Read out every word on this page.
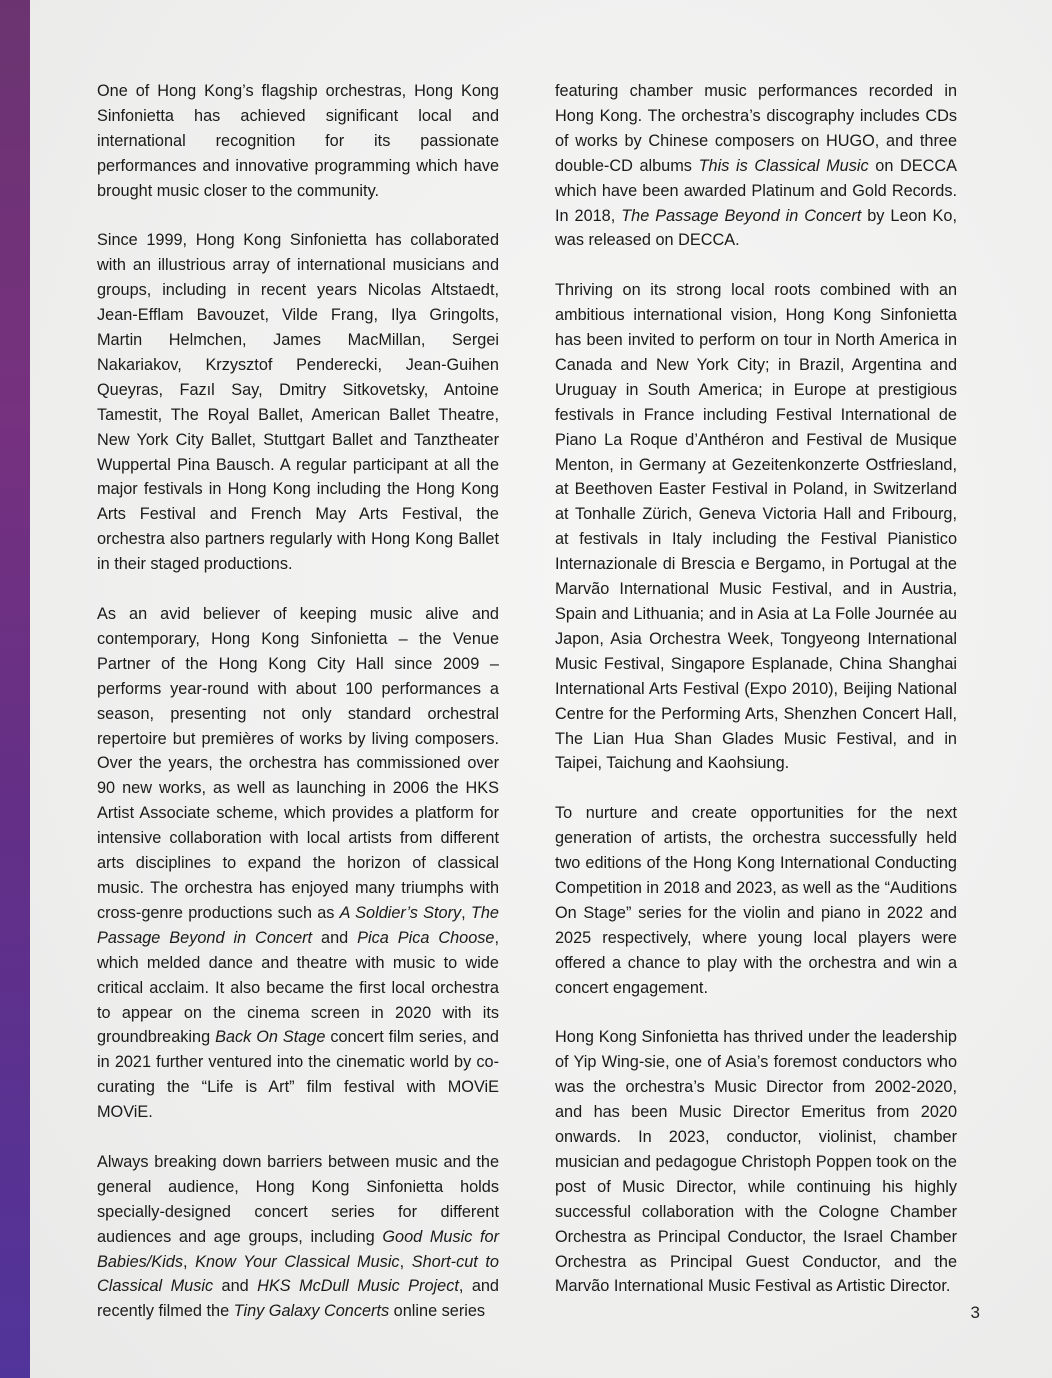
One of Hong Kong’s flagship orchestras, Hong Kong Sinfonietta has achieved significant local and international recognition for its passionate performances and innovative programming which have brought music closer to the community.

Since 1999, Hong Kong Sinfonietta has collaborated with an illustrious array of international musicians and groups, including in recent years Nicolas Altstaedt, Jean-Efflam Bavouzet, Vilde Frang, Ilya Gringolts, Martin Helmchen, James MacMillan, Sergei Nakariakov, Krzysztof Penderecki, Jean-Guihen Queyras, Fazıl Say, Dmitry Sitkovetsky, Antoine Tamestit, The Royal Ballet, American Ballet Theatre, New York City Ballet, Stuttgart Ballet and Tanztheater Wuppertal Pina Bausch. A regular participant at all the major festivals in Hong Kong including the Hong Kong Arts Festival and French May Arts Festival, the orchestra also partners regularly with Hong Kong Ballet in their staged productions.

As an avid believer of keeping music alive and contemporary, Hong Kong Sinfonietta – the Venue Partner of the Hong Kong City Hall since 2009 – performs year-round with about 100 performances a season, presenting not only standard orchestral repertoire but premières of works by living composers. Over the years, the orchestra has commissioned over 90 new works, as well as launching in 2006 the HKS Artist Associate scheme, which provides a platform for intensive collaboration with local artists from different arts disciplines to expand the horizon of classical music. The orchestra has enjoyed many triumphs with cross-genre productions such as A Soldier’s Story, The Passage Beyond in Concert and Pica Pica Choose, which melded dance and theatre with music to wide critical acclaim. It also became the first local orchestra to appear on the cinema screen in 2020 with its groundbreaking Back On Stage concert film series, and in 2021 further ventured into the cinematic world by co-curating the “Life is Art” film festival with MOViE MOViE.

Always breaking down barriers between music and the general audience, Hong Kong Sinfonietta holds specially-designed concert series for different audiences and age groups, including Good Music for Babies/Kids, Know Your Classical Music, Short-cut to Classical Music and HKS McDull Music Project, and recently filmed the Tiny Galaxy Concerts online series

featuring chamber music performances recorded in Hong Kong. The orchestra’s discography includes CDs of works by Chinese composers on HUGO, and three double-CD albums This is Classical Music on DECCA which have been awarded Platinum and Gold Records. In 2018, The Passage Beyond in Concert by Leon Ko, was released on DECCA.

Thriving on its strong local roots combined with an ambitious international vision, Hong Kong Sinfonietta has been invited to perform on tour in North America in Canada and New York City; in Brazil, Argentina and Uruguay in South America; in Europe at prestigious festivals in France including Festival International de Piano La Roque d’Anthéron and Festival de Musique Menton, in Germany at Gezeitenkonzerte Ostfriesland, at Beethoven Easter Festival in Poland, in Switzerland at Tonhalle Zürich, Geneva Victoria Hall and Fribourg, at festivals in Italy including the Festival Pianistico Internazionale di Brescia e Bergamo, in Portugal at the Marvão International Music Festival, and in Austria, Spain and Lithuania; and in Asia at La Folle Journée au Japon, Asia Orchestra Week, Tongyeong International Music Festival, Singapore Esplanade, China Shanghai International Arts Festival (Expo 2010), Beijing National Centre for the Performing Arts, Shenzhen Concert Hall, The Lian Hua Shan Glades Music Festival, and in Taipei, Taichung and Kaohsiung.

To nurture and create opportunities for the next generation of artists, the orchestra successfully held two editions of the Hong Kong International Conducting Competition in 2018 and 2023, as well as the “Auditions On Stage” series for the violin and piano in 2022 and 2025 respectively, where young local players were offered a chance to play with the orchestra and win a concert engagement.

Hong Kong Sinfonietta has thrived under the leadership of Yip Wing-sie, one of Asia’s foremost conductors who was the orchestra’s Music Director from 2002-2020, and has been Music Director Emeritus from 2020 onwards. In 2023, conductor, violinist, chamber musician and pedagogue Christoph Poppen took on the post of Music Director, while continuing his highly successful collaboration with the Cologne Chamber Orchestra as Principal Conductor, the Israel Chamber Orchestra as Principal Guest Conductor, and the Marvão International Music Festival as Artistic Director.

3
